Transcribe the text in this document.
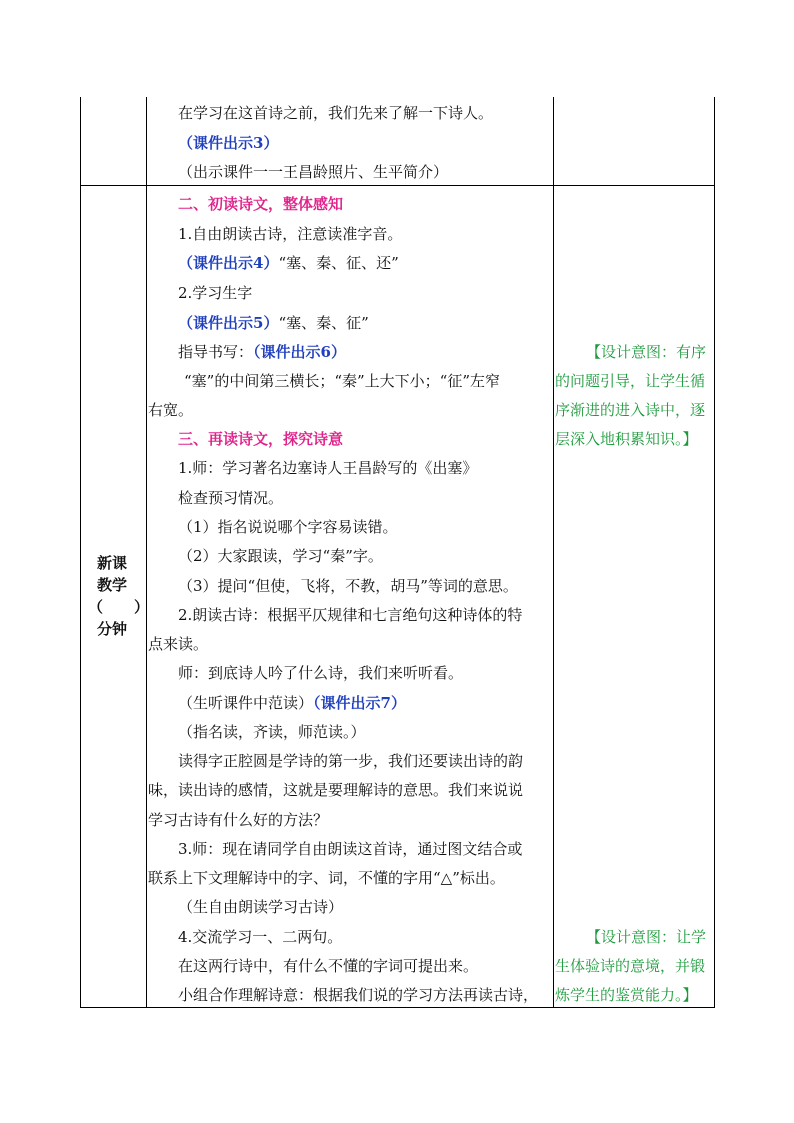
在学习在这首诗之前，我们先来了解一下诗人。
（课件出示3）
（出示课件一一王昌龄照片、生平简介）
新课
教学
（ ）
分钟
二、初读诗文，整体感知
1.自由朗读古诗，注意读准字音。
（课件出示4）“塞、秦、征、还”
2.学习生字
（课件出示5）“塞、秦、征”
指导书写：（课件出示6）
“塞”的中间第三横长；“秦”上大下小；“征”左窄
右宽。
三、再读诗文，探究诗意
1.师：学习著名边塞诗人王昌龄写的《出塞》
检查预习情况。
（1）指名说说哪个字容易读错。
（2）大家跟读，学习“秦”字。
（3）提问“但使，飞将，不教，胡马”等词的意思。
2.朗读古诗：根据平仄规律和七言绝句这种诗体的特
点来读。
师：到底诗人吟了什么诗，我们来听听看。
（生听课件中范读）（课件出示7）
（指名读，齐读，师范读。）
读得字正腔圆是学诗的第一步，我们还要读出诗的韵
味，读出诗的感情，这就是要理解诗的意思。我们来说说
学习古诗有什么好的方法？
3.师：现在请同学自由朗读这首诗，通过图文结合或
联系上下文理解诗中的字、词，不懂的字用“△”标出。
（生自由朗读学习古诗）
4.交流学习一、二两句。
在这两行诗中，有什么不懂的字词可提出来。
小组合作理解诗意：根据我们说的学习方法再读古诗，
【设计意图：有序
的问题引导，让学生循
序渐进的进入诗中，逐
层深入地积累知识。】
【设计意图：让学
生体验诗的意境，并锻
炼学生的鉴赏能力。】
